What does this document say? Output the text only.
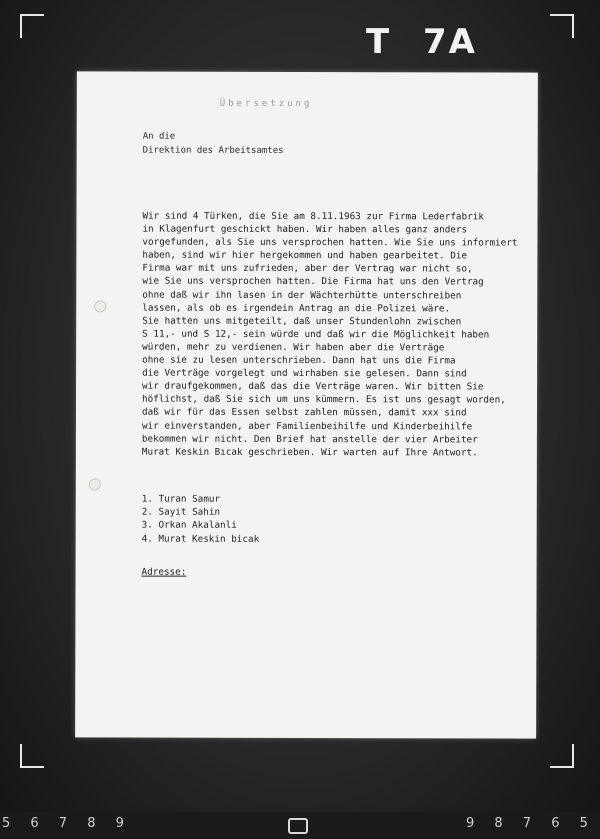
T 7A
Übersetzung
An die
Direktion des Arbeitsamtes
Wir sind 4 Türken, die Sie am 8.11.1963 zur Firma Lederfabrik
in Klagenfurt geschickt haben. Wir haben alles ganz anders
vorgefunden, als Sie uns versprochen hatten. Wie Sie uns informiert
haben, sind wir hier hergekommen und haben gearbeitet. Die
Firma war mit uns zufrieden, aber der Vertrag war nicht so,
wie Sie uns versprochen hatten. Die Firma hat uns den Vertrag
ohne daß wir ihn lasen in der Wächterhütte unterschreiben
lassen, als ob es irgendein Antrag an die Polizei wäre.
Sie hatten uns mitgeteilt, daß unser Stundenlohn zwischen
S 11,- und S 12,- sein würde und daß wir die Möglichkeit haben
würden, mehr zu verdienen. Wir haben aber die Verträge
ohne sie zu lesen unterschrieben. Dann hat uns die Firma
die Verträge vorgelegt und wirhaben sie gelesen. Dann sind
wir draufgekommen, daß das die Verträge waren. Wir bitten Sie
höflichst, daß Sie sich um uns kümmern. Es ist uns gesagt worden,
daß wir für das Essen selbst zahlen müssen, damit xxx sind
wir einverstanden, aber Familienbeihilfe und Kinderbeihilfe
bekommen wir nicht. Den Brief hat anstelle der vier Arbeiter
Murat Keskin Bıcak geschrieben. Wir warten auf Ihre Antwort.
1. Turan Samur
2. Sayit Sahin
3. Orkan Akalanli
4. Murat Keskin bicak
Adresse:
5 6 7 8 9	9 8 7 6 5
